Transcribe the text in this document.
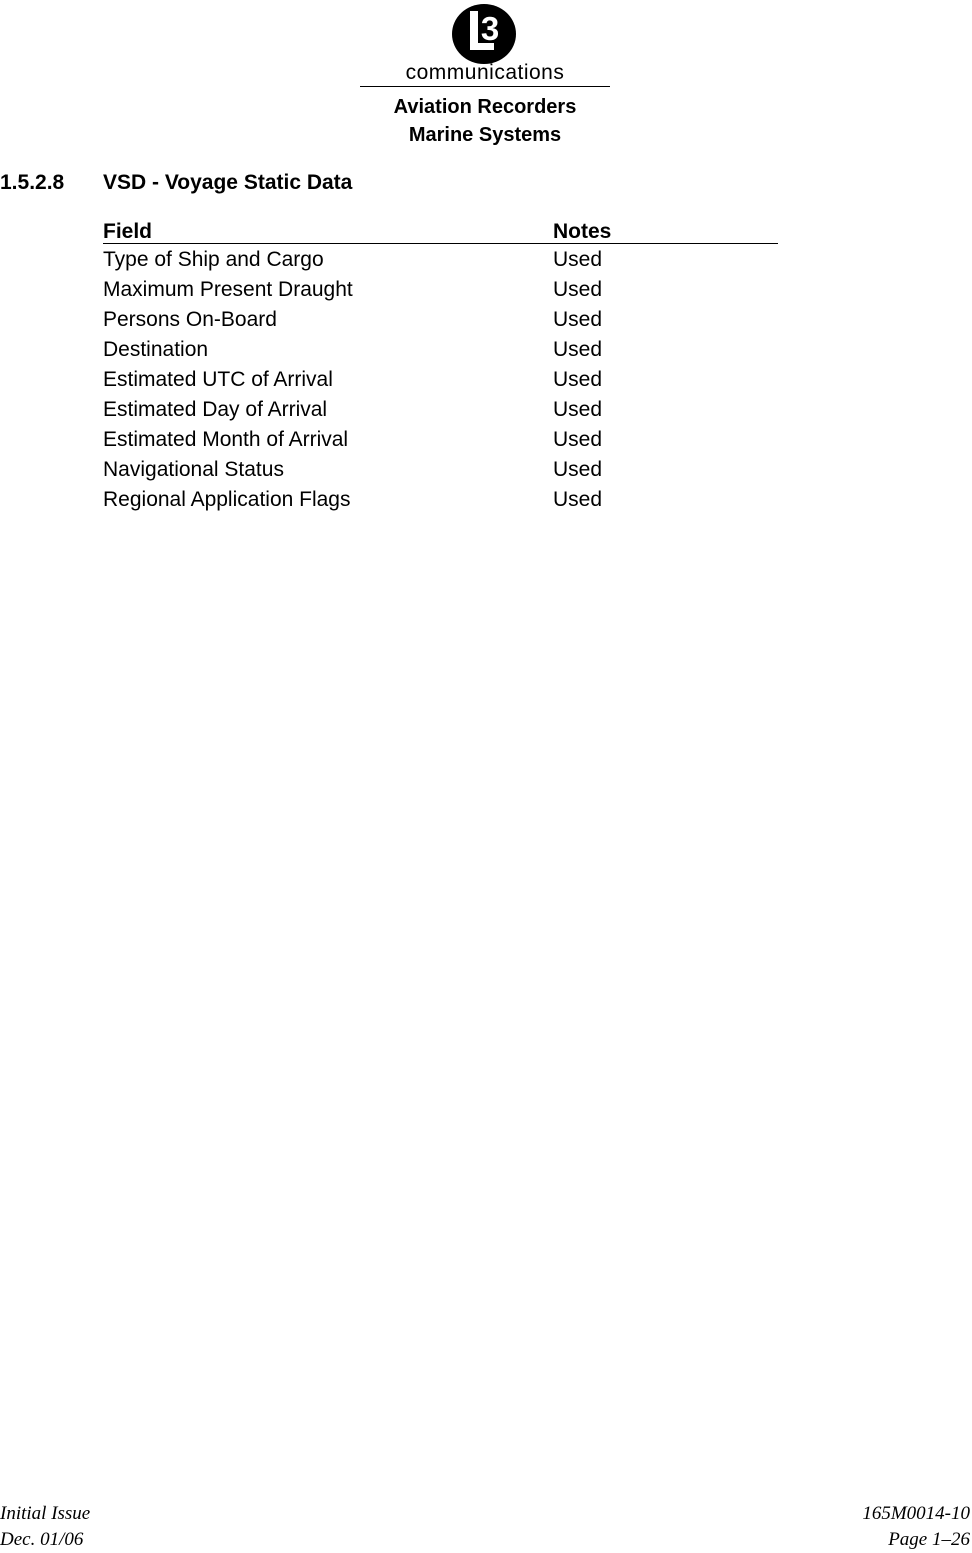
3
communications
Aviation Recorders
Marine Systems
1.5.2.8 VSD - Voyage Static Data
Field	Notes
Type of Ship and Cargo	Used
Maximum Present Draught	Used
Persons On-Board	Used
Destination	Used
Estimated UTC of Arrival	Used
Estimated Day of Arrival	Used
Estimated Month of Arrival	Used
Navigational Status	Used
Regional Application Flags	Used
Initial Issue
Dec. 01/06
165M0014-10
Page 1–26
